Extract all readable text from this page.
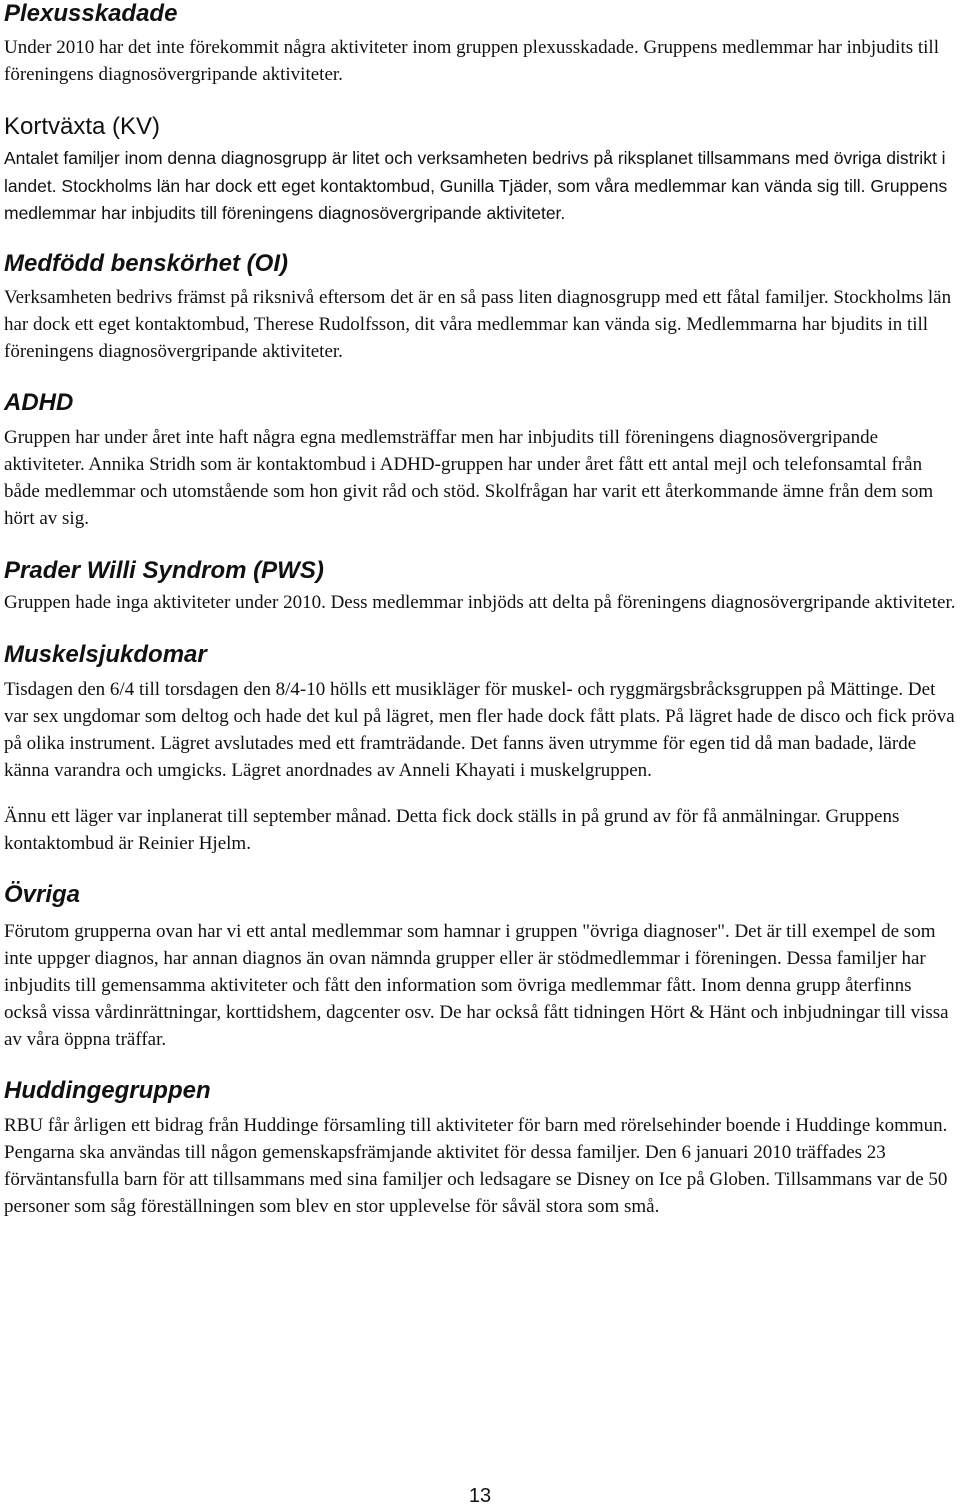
Plexusskadade

Under 2010 har det inte förekommit några aktiviteter inom gruppen plexusskadade. Gruppens medlemmar har inbjudits till föreningens diagnosövergripande aktiviteter.

Kortväxta (KV)

Antalet familjer inom denna diagnosgrupp är litet och verksamheten bedrivs på riksplanet tillsammans med övriga distrikt i landet. Stockholms län har dock ett eget kontaktombud, Gunilla Tjäder, som våra medlemmar kan vända sig till. Gruppens medlemmar har inbjudits till föreningens diagnosövergripande aktiviteter.

Medfödd benskörhet (OI)

Verksamheten bedrivs främst på riksnivå eftersom det är en så pass liten diagnosgrupp med ett fåtal familjer. Stockholms län har dock ett eget kontaktombud, Therese Rudolfsson, dit våra medlemmar kan vända sig. Medlemmarna har bjudits in till föreningens diagnosövergripande aktiviteter.

ADHD

Gruppen har under året inte haft några egna medlemsträffar men har inbjudits till föreningens diagnosövergripande aktiviteter. Annika Stridh som är kontaktombud i ADHD-gruppen har under året fått ett antal mejl och telefonsamtal från både medlemmar och utomstående som hon givit råd och stöd. Skolfrågan har varit ett återkommande ämne från dem som hört av sig.

Prader Willi Syndrom (PWS)

Gruppen hade inga aktiviteter under 2010. Dess medlemmar inbjöds att delta på föreningens diagnosövergripande aktiviteter.

Muskelsjukdomar

Tisdagen den 6/4 till torsdagen den 8/4-10 hölls ett musikläger för muskel- och ryggmärgsbråcksgruppen på Mättinge. Det var sex ungdomar som deltog och hade det kul på lägret, men fler hade dock fått plats. På lägret hade de disco och fick pröva på olika instrument. Lägret avslutades med ett framträdande. Det fanns även utrymme för egen tid då man badade, lärde känna varandra och umgicks. Lägret anordnades av Anneli Khayati i muskelgruppen.

Ännu ett läger var inplanerat till september månad. Detta fick dock ställs in på grund av för få anmälningar. Gruppens kontaktombud är Reinier Hjelm.

Övriga

Förutom grupperna ovan har vi ett antal medlemmar som hamnar i gruppen "övriga diagnoser". Det är till exempel de som inte uppger diagnos, har annan diagnos än ovan nämnda grupper eller är stödmedlemmar i föreningen. Dessa familjer har inbjudits till gemensamma aktiviteter och fått den information som övriga medlemmar fått. Inom denna grupp återfinns också vissa vårdinrättningar, korttidshem, dagcenter osv. De har också fått tidningen Hört & Hänt och inbjudningar till vissa av våra öppna träffar.

Huddingegruppen

RBU får årligen ett bidrag från Huddinge församling till aktiviteter för barn med rörelsehinder boende i Huddinge kommun. Pengarna ska användas till någon gemenskapsfrämjande aktivitet för dessa familjer. Den 6 januari 2010 träffades 23 förväntansfulla barn för att tillsammans med sina familjer och ledsagare se Disney on Ice på Globen. Tillsammans var de 50 personer som såg föreställningen som blev en stor upplevelse för såväl stora som små.

13
